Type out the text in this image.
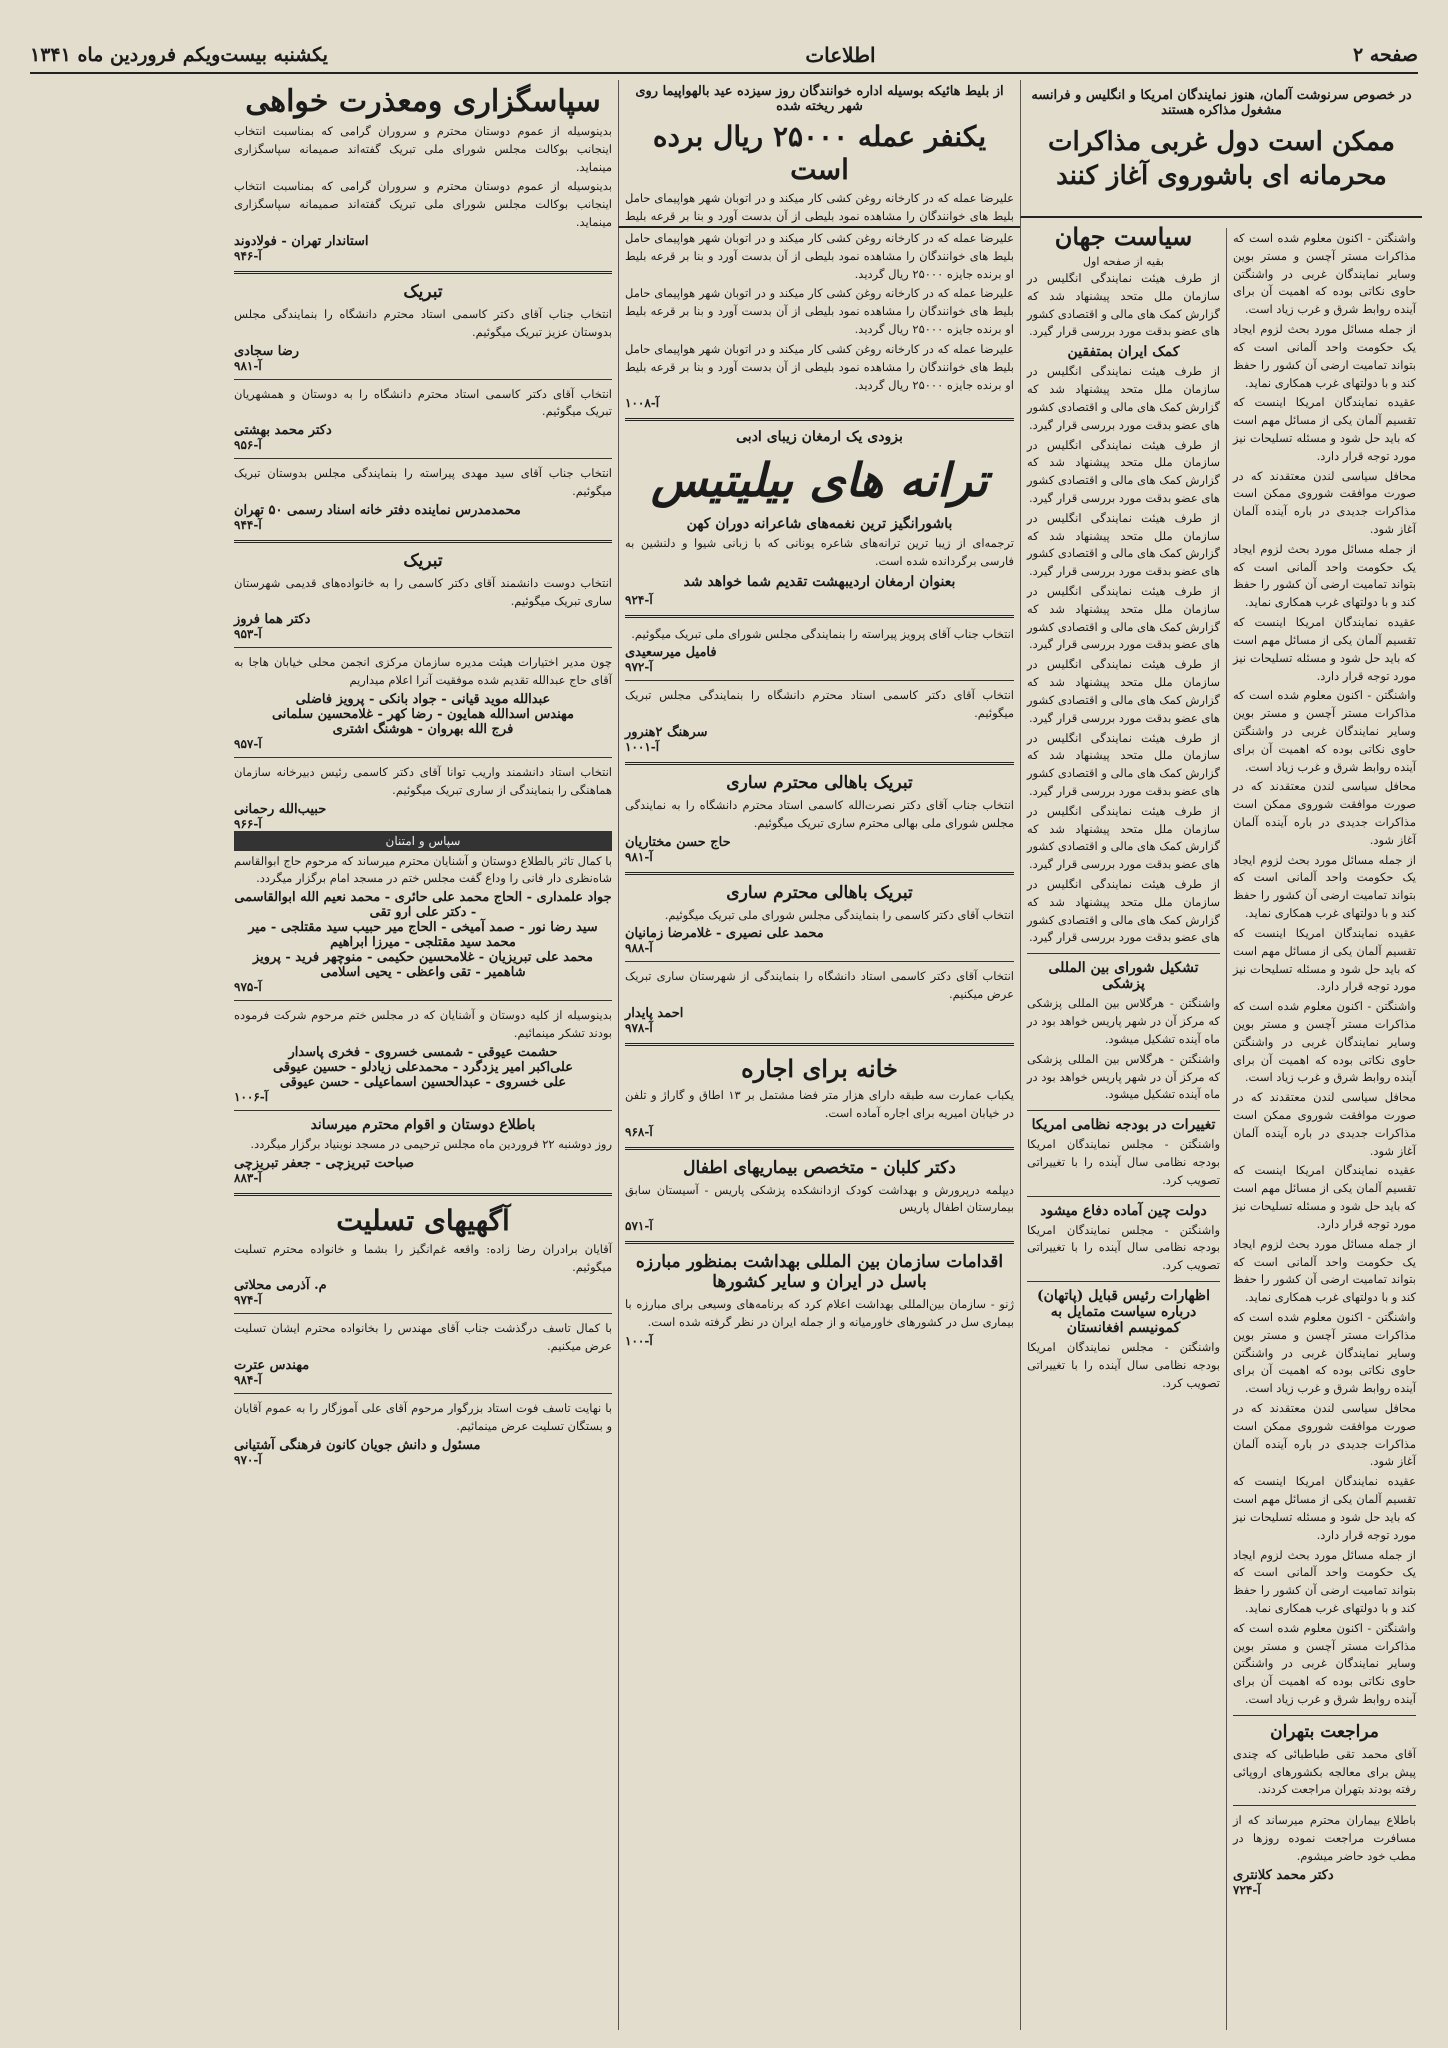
صفحه ۲
اطلاعات
یکشنبه بیست‌ویکم فروردین ماه ۱۳۴۱
در خصوص سرنوشت آلمان، هنوز نمایندگان امریکا و انگلیس و فرانسه مشغول مذاکره هستند
ممکن است دول غربی مذاکرات محرمانه ای باشوروی آغاز کنند

واشنگتن - اکنون معلوم شده است که مذاکرات مستر آچسن و مستر بوین وسایر نمایندگان غربی در واشنگتن حاوی نکاتی بوده که اهمیت آن برای آینده روابط شرق و غرب زیاد است.

از جمله مسائل مورد بحث لزوم ایجاد یک حکومت واحد آلمانی است که بتواند تمامیت ارضی آن کشور را حفظ کند و با دولتهای غرب همکاری نماید.

عقیده نمایندگان امریکا اینست که تقسیم آلمان یکی از مسائل مهم است که باید حل شود و مسئله تسلیحات نیز مورد توجه قرار دارد.

محافل سیاسی لندن معتقدند که در صورت موافقت شوروی ممکن است مذاکرات جدیدی در باره آینده آلمان آغاز شود.

از جمله مسائل مورد بحث لزوم ایجاد یک حکومت واحد آلمانی است که بتواند تمامیت ارضی آن کشور را حفظ کند و با دولتهای غرب همکاری نماید.

عقیده نمایندگان امریکا اینست که تقسیم آلمان یکی از مسائل مهم است که باید حل شود و مسئله تسلیحات نیز مورد توجه قرار دارد.

واشنگتن - اکنون معلوم شده است که مذاکرات مستر آچسن و مستر بوین وسایر نمایندگان غربی در واشنگتن حاوی نکاتی بوده که اهمیت آن برای آینده روابط شرق و غرب زیاد است.

محافل سیاسی لندن معتقدند که در صورت موافقت شوروی ممکن است مذاکرات جدیدی در باره آینده آلمان آغاز شود.

از جمله مسائل مورد بحث لزوم ایجاد یک حکومت واحد آلمانی است که بتواند تمامیت ارضی آن کشور را حفظ کند و با دولتهای غرب همکاری نماید.

عقیده نمایندگان امریکا اینست که تقسیم آلمان یکی از مسائل مهم است که باید حل شود و مسئله تسلیحات نیز مورد توجه قرار دارد.

واشنگتن - اکنون معلوم شده است که مذاکرات مستر آچسن و مستر بوین وسایر نمایندگان غربی در واشنگتن حاوی نکاتی بوده که اهمیت آن برای آینده روابط شرق و غرب زیاد است.

محافل سیاسی لندن معتقدند که در صورت موافقت شوروی ممکن است مذاکرات جدیدی در باره آینده آلمان آغاز شود.

عقیده نمایندگان امریکا اینست که تقسیم آلمان یکی از مسائل مهم است که باید حل شود و مسئله تسلیحات نیز مورد توجه قرار دارد.

از جمله مسائل مورد بحث لزوم ایجاد یک حکومت واحد آلمانی است که بتواند تمامیت ارضی آن کشور را حفظ کند و با دولتهای غرب همکاری نماید.

واشنگتن - اکنون معلوم شده است که مذاکرات مستر آچسن و مستر بوین وسایر نمایندگان غربی در واشنگتن حاوی نکاتی بوده که اهمیت آن برای آینده روابط شرق و غرب زیاد است.

محافل سیاسی لندن معتقدند که در صورت موافقت شوروی ممکن است مذاکرات جدیدی در باره آینده آلمان آغاز شود.

عقیده نمایندگان امریکا اینست که تقسیم آلمان یکی از مسائل مهم است که باید حل شود و مسئله تسلیحات نیز مورد توجه قرار دارد.

از جمله مسائل مورد بحث لزوم ایجاد یک حکومت واحد آلمانی است که بتواند تمامیت ارضی آن کشور را حفظ کند و با دولتهای غرب همکاری نماید.

واشنگتن - اکنون معلوم شده است که مذاکرات مستر آچسن و مستر بوین وسایر نمایندگان غربی در واشنگتن حاوی نکاتی بوده که اهمیت آن برای آینده روابط شرق و غرب زیاد است.

مراجعت بتهران

آقای محمد تقی طباطبائی که چندی پیش برای معالجه بکشورهای اروپائی رفته بودند بتهران مراجعت کردند.

باطلاع بیماران محترم میرساند که از مسافرت مراجعت نموده روزها در مطب خود حاضر میشوم.

دکتر محمد کلانتری
آ-۷۲۴
سیاست جهان
بقیه از صفحه اول

از طرف هیئت نمایندگی انگلیس در سازمان ملل متحد پیشنهاد شد که گزارش کمک های مالی و اقتصادی کشور های عضو بدقت مورد بررسی قرار گیرد.

کمک ایران بمتفقین

از طرف هیئت نمایندگی انگلیس در سازمان ملل متحد پیشنهاد شد که گزارش کمک های مالی و اقتصادی کشور های عضو بدقت مورد بررسی قرار گیرد.

از طرف هیئت نمایندگی انگلیس در سازمان ملل متحد پیشنهاد شد که گزارش کمک های مالی و اقتصادی کشور های عضو بدقت مورد بررسی قرار گیرد.

از طرف هیئت نمایندگی انگلیس در سازمان ملل متحد پیشنهاد شد که گزارش کمک های مالی و اقتصادی کشور های عضو بدقت مورد بررسی قرار گیرد.

از طرف هیئت نمایندگی انگلیس در سازمان ملل متحد پیشنهاد شد که گزارش کمک های مالی و اقتصادی کشور های عضو بدقت مورد بررسی قرار گیرد.

از طرف هیئت نمایندگی انگلیس در سازمان ملل متحد پیشنهاد شد که گزارش کمک های مالی و اقتصادی کشور های عضو بدقت مورد بررسی قرار گیرد.

از طرف هیئت نمایندگی انگلیس در سازمان ملل متحد پیشنهاد شد که گزارش کمک های مالی و اقتصادی کشور های عضو بدقت مورد بررسی قرار گیرد.

از طرف هیئت نمایندگی انگلیس در سازمان ملل متحد پیشنهاد شد که گزارش کمک های مالی و اقتصادی کشور های عضو بدقت مورد بررسی قرار گیرد.

از طرف هیئت نمایندگی انگلیس در سازمان ملل متحد پیشنهاد شد که گزارش کمک های مالی و اقتصادی کشور های عضو بدقت مورد بررسی قرار گیرد.

تشکیل شورای بین المللی پزشکی

واشنگتن - هرگلاس بین المللی پزشکی که مرکز آن در شهر پاریس خواهد بود در ماه آینده تشکیل میشود.

واشنگتن - هرگلاس بین المللی پزشکی که مرکز آن در شهر پاریس خواهد بود در ماه آینده تشکیل میشود.

تغییرات در بودجه نظامی امریکا

واشنگتن - مجلس نمایندگان امریکا بودجه نظامی سال آینده را با تغییراتی تصویب کرد.

دولت چین آماده دفاع میشود

واشنگتن - مجلس نمایندگان امریکا بودجه نظامی سال آینده را با تغییراتی تصویب کرد.

اظهارات رئیس قبایل (پاتهان) درباره سیاست متمایل به کمونیسم افغانستان

واشنگتن - مجلس نمایندگان امریکا بودجه نظامی سال آینده را با تغییراتی تصویب کرد.

از بلیط هائیکه بوسیله اداره خوانندگان روز سیزده عید بالهواپیما روی شهر ریخته شده
یکنفر عمله ۲۵۰۰۰ ریال برده است

علیرضا عمله که در کارخانه روغن کشی کار میکند و در اتوبان شهر هواپیمای حامل بلیط های خوانندگان را مشاهده نمود بلیطی از آن بدست آورد و بنا بر قرعه بلیط

علیرضا عمله که در کارخانه روغن کشی کار میکند و در اتوبان شهر هواپیمای حامل بلیط های خوانندگان را مشاهده نمود بلیطی از آن بدست آورد و بنا بر قرعه بلیط او برنده جایزه ۲۵۰۰۰ ریال گردید.

علیرضا عمله که در کارخانه روغن کشی کار میکند و در اتوبان شهر هواپیمای حامل بلیط های خوانندگان را مشاهده نمود بلیطی از آن بدست آورد و بنا بر قرعه بلیط او برنده جایزه ۲۵۰۰۰ ریال گردید.

علیرضا عمله که در کارخانه روغن کشی کار میکند و در اتوبان شهر هواپیمای حامل بلیط های خوانندگان را مشاهده نمود بلیطی از آن بدست آورد و بنا بر قرعه بلیط او برنده جایزه ۲۵۰۰۰ ریال گردید.

آ-۱۰۰۸
بزودی یک ارمغان زیبای ادبی
ترانه های بیلیتیس
باشورانگیز ترین نغمه‌های شاعرانه دوران کهن

ترجمه‌ای از زیبا ترین ترانه‌های شاعره یونانی که با زبانی شیوا و دلنشین به فارسی برگردانده شده است.

بعنوان ارمغان اردیبهشت تقدیم شما خواهد شد
آ-۹۲۴

انتخاب جناب آقای پرویز پیراسته را بنمایندگی مجلس شورای ملی تبریک میگوئیم.

فامیل میرسعیدی
آ-۹۷۲

انتخاب آقای دکتر کاسمی استاد محترم دانشگاه را بنمایندگی مجلس تبریک میگوئیم.

سرهنگ ۲هنرور
آ-۱۰۰۱
تبریک باهالی محترم ساری

انتخاب جناب آقای دکتر نصرت‌الله کاسمی استاد محترم دانشگاه را به نمایندگی مجلس شورای ملی بهالی محترم ساری تبریک میگوئیم.

حاج حسن مختاریان
آ-۹۸۱
تبریک باهالی محترم ساری

انتخاب آقای دکتر کاسمی را بنمایندگی مجلس شورای ملی تبریک میگوئیم.

محمد علی نصیری - غلامرضا زمانیان
آ-۹۸۸

انتخاب آقای دکتر کاسمی استاد دانشگاه را بنمایندگی از شهرستان ساری تبریک عرض میکنیم.

احمد پایدار
آ-۹۷۸
خانه برای اجاره

یکباب عمارت سه طبقه دارای هزار متر فضا مشتمل بر ۱۳ اطاق و گاراژ و تلفن در خیابان امیریه برای اجاره آماده است.

آ-۹۶۸
دکتر کلبان - متخصص بیماریهای اطفال

دیپلمه درپرورش و بهداشت کودک ازدانشکده پزشکی پاریس - آسیستان سابق بیمارستان اطفال پاریس

آ-۵۷۱
اقدامات سازمان بین المللی بهداشت بمنظور مبارزه باسل در ایران و سایر کشورها

ژنو - سازمان بین‌المللی بهداشت اعلام کرد که برنامه‌های وسیعی برای مبارزه با بیماری سل در کشورهای خاورمیانه و از جمله ایران در نظر گرفته شده است.

آ-۱۰۰
سپاسگزاری ومعذرت خواهی

بدینوسیله از عموم دوستان محترم و سروران گرامی که بمناسبت انتخاب اینجانب بوکالت مجلس شورای ملی تبریک گفته‌اند صمیمانه سپاسگزاری مینماید.

بدینوسیله از عموم دوستان محترم و سروران گرامی که بمناسبت انتخاب اینجانب بوکالت مجلس شورای ملی تبریک گفته‌اند صمیمانه سپاسگزاری مینماید.

استاندار تهران - فولادوند
آ-۹۴۶
تبریک

انتخاب جناب آقای دکتر کاسمی استاد محترم دانشگاه را بنمایندگی مجلس بدوستان عزیز تبریک میگوئیم.

رضا سجادی
آ-۹۸۱

انتخاب آقای دکتر کاسمی استاد محترم دانشگاه را به دوستان و همشهریان تبریک میگوئیم.

دکتر محمد بهشتی
آ-۹۵۶

انتخاب جناب آقای سید مهدی پیراسته را بنمایندگی مجلس بدوستان تبریک میگوئیم.

محمدمدرس نماینده دفتر خانه اسناد رسمی ۵۰ تهران
آ-۹۴۴
تبریک

انتخاب دوست دانشمند آقای دکتر کاسمی را به خانواده‌های قدیمی شهرستان ساری تبریک میگوئیم.

دکتر هما فروز
آ-۹۵۳

چون مدیر اختیارات هیئت مدیره سازمان مرکزی انجمن محلی خیابان هاجا به آقای حاج عبدالله تقدیم شده موفقیت آنرا اعلام میداریم

عبدالله موید قیانی - جواد بانکی - پرویز فاضلی
مهندس اسدالله همایون - رضا کهر - غلامحسین سلمانی
فرج الله بهروان - هوشنگ اشتری
آ-۹۵۷

انتخاب استاد دانشمند واریب توانا آقای دکتر کاسمی رئیس دبیرخانه سازمان هماهنگی را بنمایندگی از ساری تبریک میگوئیم.

حبیب‌الله رحمانی
آ-۹۶۶
سپاس و امتنان

با کمال تاثر بالطلاع دوستان و آشنایان محترم میرساند که مرحوم حاج ابوالقاسم شاه‌نظری دار فانی را وداع گفت مجلس ختم در مسجد امام برگزار میگردد.

جواد علمداری - الحاج محمد علی حائری - محمد نعیم الله ابوالقاسمی - دکتر علی ارو تقی
سید رضا نور - صمد آمیخی - الحاج میر حبیب سید مقتلجی - میر محمد سید مقتلجی - میرزا ابراهیم
محمد علی تبریزیان - غلامحسین حکیمی - منوچهر فرید - پرویز شاهمیر - تقی واعظی - یحیی اسلامی
آ-۹۷۵

بدینوسیله از کلیه دوستان و آشنایان که در مجلس ختم مرحوم شرکت فرموده بودند تشکر مینمائیم.

حشمت عیوقی - شمسی خسروی - فخری پاسدار
علی‌اکبر امیر یزدگرد - محمدعلی زیادلو - حسین عیوقی
علی خسروی - عبدالحسین اسماعیلی - حسن عیوقی
آ-۱۰۰۶
باطلاع دوستان و اقوام محترم میرساند

روز دوشنبه ۲۲ فروردین ماه مجلس ترحیمی در مسجد نوبنیاد برگزار میگردد.

صباحت تبریزچی - جعفر تبریزچی
آ-۸۸۳
آگهیهای تسلیت

آقایان برادران رضا زاده: واقعه غم‌انگیز را بشما و خانواده محترم تسلیت میگوئیم.

م. آذرمی محلاتی
آ-۹۷۴

با کمال تاسف درگذشت جناب آقای مهندس را بخانواده محترم ایشان تسلیت عرض میکنیم.

مهندس عترت
آ-۹۸۴

با نهایت تاسف فوت استاد بزرگوار مرحوم آقای علی آموزگار را به عموم آقایان و بستگان تسلیت عرض مینمائیم.

مسئول و دانش جویان کانون فرهنگی آشتیانی
آ-۹۷۰
